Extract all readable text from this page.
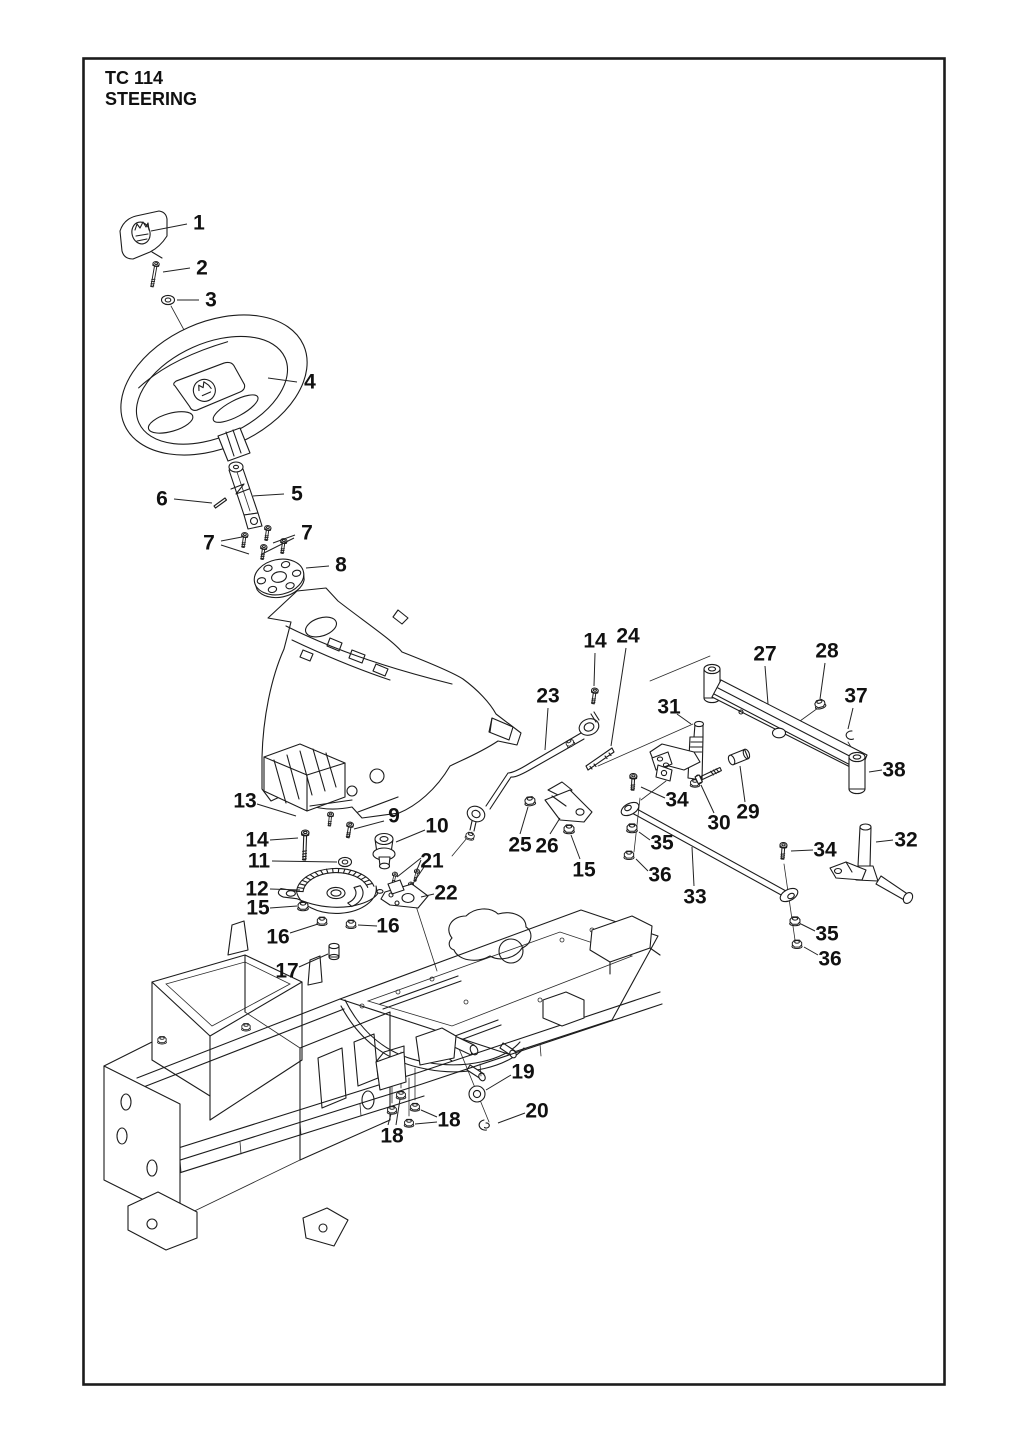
TC 114
STEERING
1
2
3
4
5
6
7	7
8
9 10
11
12
13
14
15
16
17
16
21
22
23
14 24
31
27 28
37
38
29
30
34
35
36
33
34	32
35
36
18
18
19
20
25 26
15
